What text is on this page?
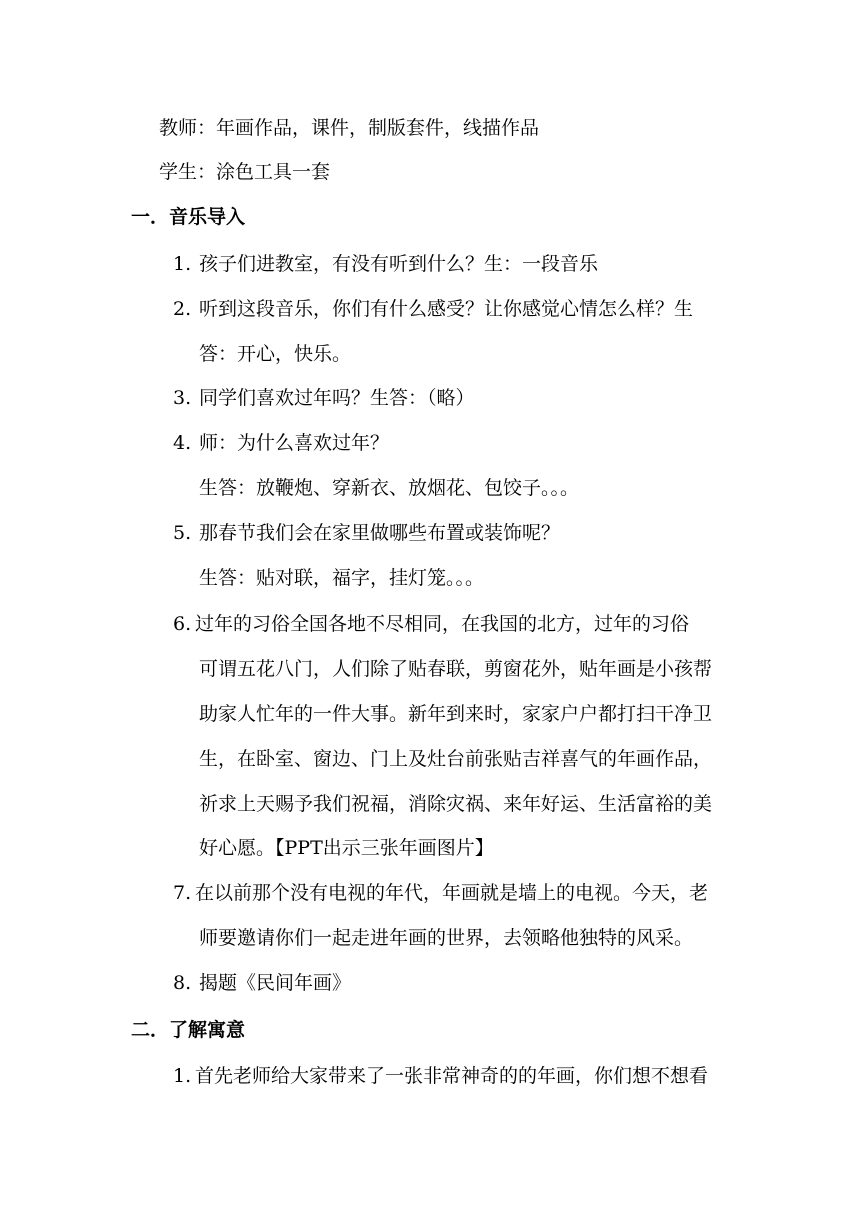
教师：年画作品，课件，制版套件，线描作品
学生：涂色工具一套
一．音乐导入
1. 孩子们进教室，有没有听到什么？生：一段音乐
2. 听到这段音乐，你们有什么感受？让你感觉心情怎么样？生
答：开心，快乐。
3. 同学们喜欢过年吗？生答：（略）
4. 师：为什么喜欢过年？
生答：放鞭炮、穿新衣、放烟花、包饺子。。。
5. 那春节我们会在家里做哪些布置或装饰呢？
生答：贴对联，福字，挂灯笼。。。
6. 过年的习俗全国各地不尽相同，在我国的北方，过年的习俗
可谓五花八门，人们除了贴春联，剪窗花外，贴年画是小孩帮
助家人忙年的一件大事。新年到来时，家家户户都打扫干净卫
生，在卧室、窗边、门上及灶台前张贴吉祥喜气的年画作品，
祈求上天赐予我们祝福，消除灾祸、来年好运、生活富裕的美
好心愿。【PPT出示三张年画图片】
7. 在以前那个没有电视的年代，年画就是墙上的电视。今天，老
师要邀请你们一起走进年画的世界，去领略他独特的风采。
8. 揭题《民间年画》
二．了解寓意
1. 首先老师给大家带来了一张非常神奇的的年画，你们想不想看
